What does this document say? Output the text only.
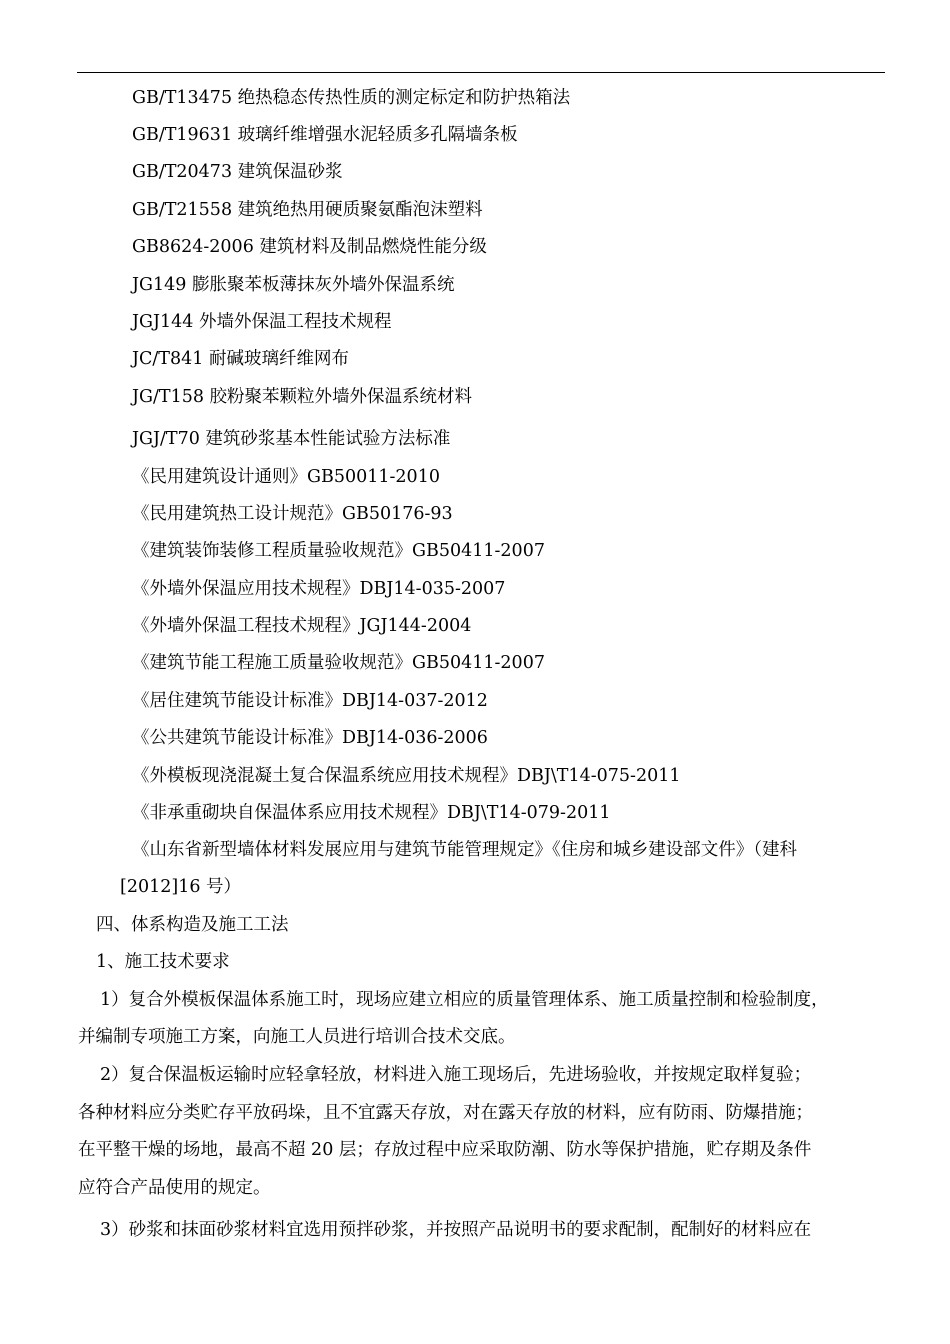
GB/T13475 绝热稳态传热性质的测定标定和防护热箱法
GB/T19631 玻璃纤维增强水泥轻质多孔隔墙条板
GB/T20473 建筑保温砂浆
GB/T21558 建筑绝热用硬质聚氨酯泡沫塑料
GB8624-2006 建筑材料及制品燃烧性能分级
JG149 膨胀聚苯板薄抹灰外墙外保温系统
JGJ144 外墙外保温工程技术规程
JC/T841 耐碱玻璃纤维网布
JG/T158 胶粉聚苯颗粒外墙外保温系统材料
JGJ/T70 建筑砂浆基本性能试验方法标准
《民用建筑设计通则》GB50011-2010
《民用建筑热工设计规范》GB50176-93
《建筑装饰装修工程质量验收规范》GB50411-2007
《外墙外保温应用技术规程》DBJ14-035-2007
《外墙外保温工程技术规程》JGJ144-2004
《建筑节能工程施工质量验收规范》GB50411-2007
《居住建筑节能设计标准》DBJ14-037-2012
《公共建筑节能设计标准》DBJ14-036-2006
《外模板现浇混凝土复合保温系统应用技术规程》DBJ\T14-075-2011
《非承重砌块自保温体系应用技术规程》DBJ\T14-079-2011
《山东省新型墙体材料发展应用与建筑节能管理规定》《住房和城乡建设部文件》（建科
[2012]16 号）
四、体系构造及施工工法
1、施工技术要求
1）复合外模板保温体系施工时，现场应建立相应的质量管理体系、施工质量控制和检验制度，
并编制专项施工方案，向施工人员进行培训合技术交底。
2）复合保温板运输时应轻拿轻放，材料进入施工现场后，先进场验收，并按规定取样复验；
各种材料应分类贮存平放码垛，且不宜露天存放，对在露天存放的材料，应有防雨、防爆措施；
在平整干燥的场地，最高不超 20 层；存放过程中应采取防潮、防水等保护措施，贮存期及条件
应符合产品使用的规定。
3）砂浆和抹面砂浆材料宜选用预拌砂浆，并按照产品说明书的要求配制，配制好的材料应在
